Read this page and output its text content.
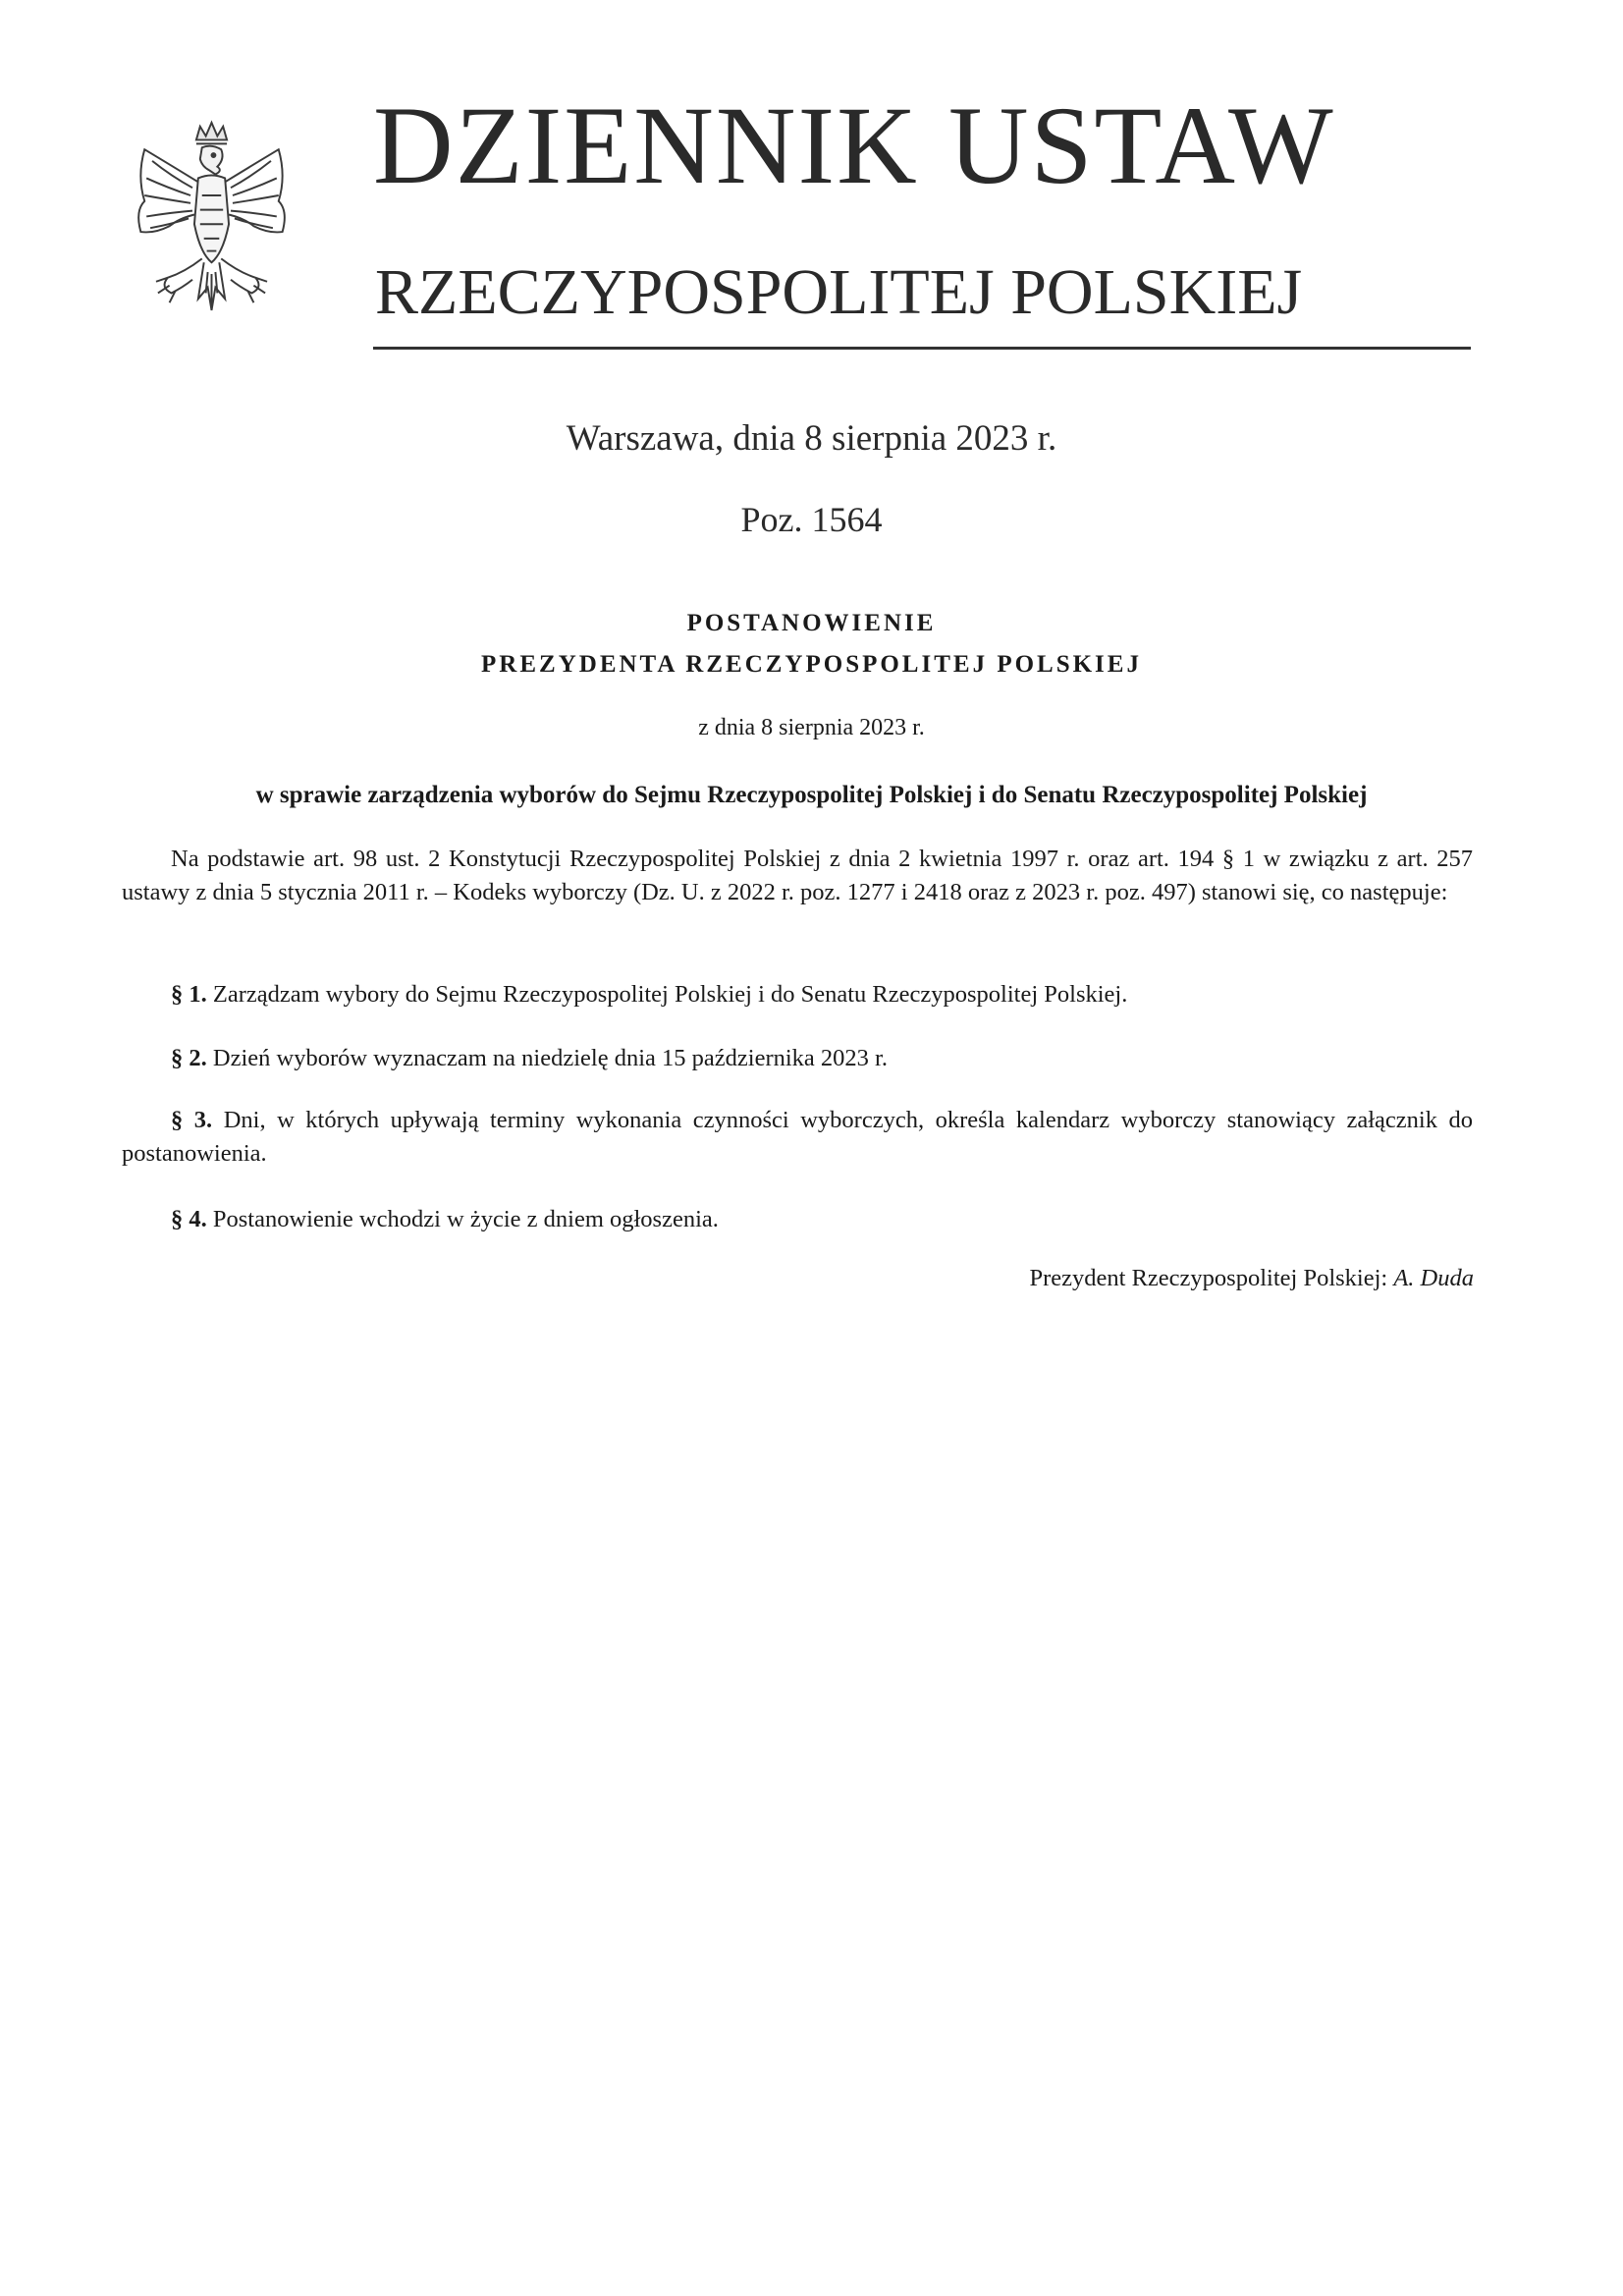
DZIENNIK USTAW
RZECZYPOSPOLITEJ POLSKIEJ
Warszawa, dnia 8 sierpnia 2023 r.
Poz. 1564
POSTANOWIENIE
PREZYDENTA RZECZYPOSPOLITEJ POLSKIEJ
z dnia 8 sierpnia 2023 r.
w sprawie zarządzenia wyborów do Sejmu Rzeczypospolitej Polskiej i do Senatu Rzeczypospolitej Polskiej

Na podstawie art. 98 ust. 2 Konstytucji Rzeczypospolitej Polskiej z dnia 2 kwietnia 1997 r. oraz art. 194 § 1 w związku z art. 257 ustawy z dnia 5 stycznia 2011 r. – Kodeks wyborczy (Dz. U. z 2022 r. poz. 1277 i 2418 oraz z 2023 r. poz. 497) stanowi się, co następuje:

§ 1. Zarządzam wybory do Sejmu Rzeczypospolitej Polskiej i do Senatu Rzeczypospolitej Polskiej.

§ 2. Dzień wyborów wyznaczam na niedzielę dnia 15 października 2023 r.

§ 3. Dni, w których upływają terminy wykonania czynności wyborczych, określa kalendarz wyborczy stanowiący załącznik do postanowienia.

§ 4. Postanowienie wchodzi w życie z dniem ogłoszenia.

Prezydent Rzeczypospolitej Polskiej: A. Duda
